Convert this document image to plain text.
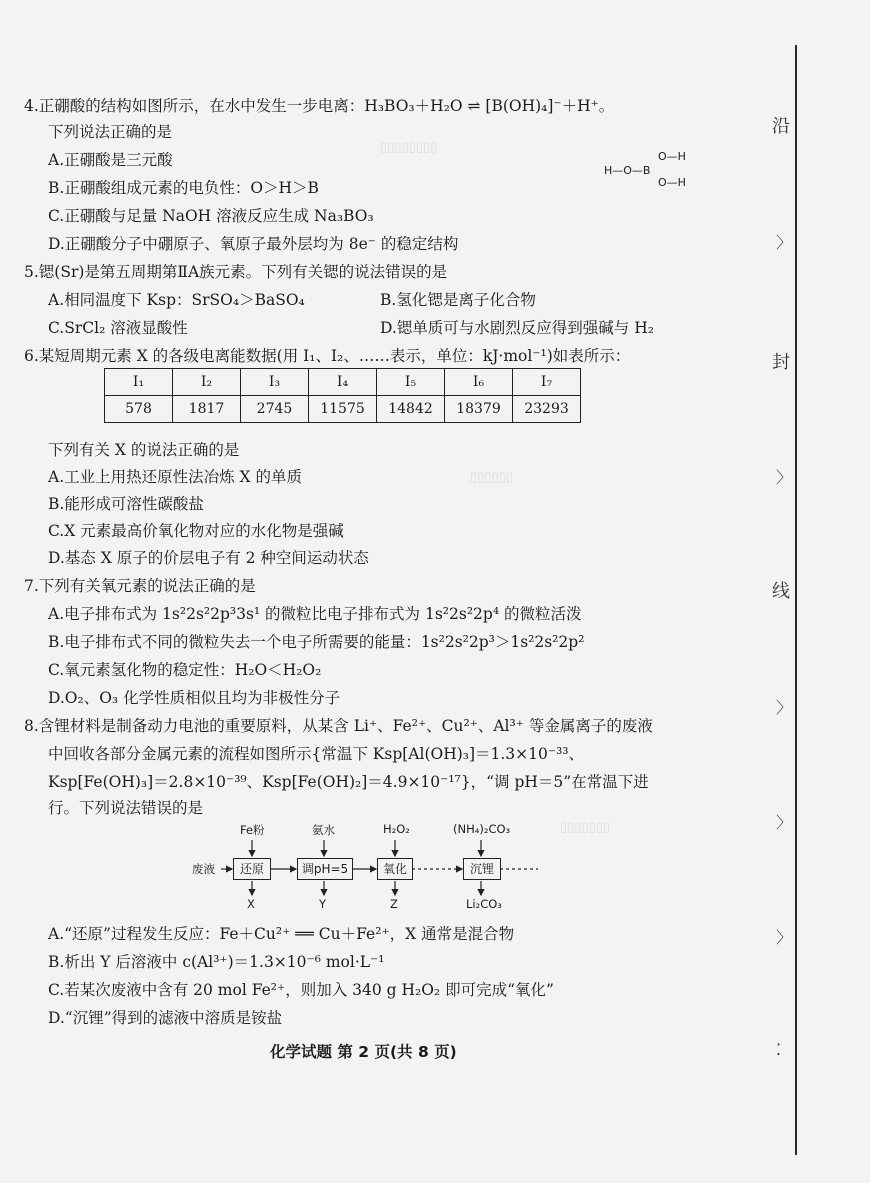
▯▯▯▯▯▯▯▯
▯▯▯▯▯▯
▯▯▯▯▯▯▯
4.正硼酸的结构如图所示，在水中发生一步电离：H₃BO₃＋H₂O ⇌ [B(OH)₄]⁻＋H⁺。
下列说法正确的是
A.正硼酸是三元酸
B.正硼酸组成元素的电负性：O＞H＞B
C.正硼酸与足量 NaOH 溶液反应生成 Na₃BO₃
D.正硼酸分子中硼原子、氧原子最外层均为 8e⁻ 的稳定结构
H—O—B
O—H
O—H
5.锶(Sr)是第五周期第ⅡA族元素。下列有关锶的说法错误的是
A.相同温度下 Ksp：SrSO₄＞BaSO₄	B.氢化锶是离子化合物
C.SrCl₂ 溶液显酸性	D.锶单质可与水剧烈反应得到强碱与 H₂
6.某短周期元素 X 的各级电离能数据(用 I₁、I₂、……表示，单位：kJ·mol⁻¹)如表所示：
I₁	I₂	I₃	I₄	I₅	I₆	I₇
578	1817	2745	11575	14842	18379	23293
下列有关 X 的说法正确的是
A.工业上用热还原性法冶炼 X 的单质
B.能形成可溶性碳酸盐
C.X 元素最高价氧化物对应的水化物是强碱
D.基态 X 原子的价层电子有 2 种空间运动状态
7.下列有关氧元素的说法正确的是
A.电子排布式为 1s²2s²2p³3s¹ 的微粒比电子排布式为 1s²2s²2p⁴ 的微粒活泼
B.电子排布式不同的微粒失去一个电子所需要的能量：1s²2s²2p³＞1s²2s²2p²
C.氧元素氢化物的稳定性：H₂O＜H₂O₂
D.O₂、O₃ 化学性质相似且均为非极性分子
8.含锂材料是制备动力电池的重要原料，从某含 Li⁺、Fe²⁺、Cu²⁺、Al³⁺ 等金属离子的废液
中回收各部分金属元素的流程如图所示{常温下 Ksp[Al(OH)₃]＝1.3×10⁻³³、
Ksp[Fe(OH)₃]＝2.8×10⁻³⁹、Ksp[Fe(OH)₂]＝4.9×10⁻¹⁷}，“调 pH＝5”在常温下进
行。下列说法错误的是
废液	还原	调pH=5	氧化	沉锂
Fe粉	氨水	H₂O₂	(NH₄)₂CO₃
X	Y	Z	Li₂CO₃
A.“还原”过程发生反应：Fe＋Cu²⁺ ══ Cu＋Fe²⁺，X 通常是混合物
B.析出 Y 后溶液中 c(Al³⁺)＝1.3×10⁻⁶ mol·L⁻¹
C.若某次废液中含有 20 mol Fe²⁺，则加入 340 g H₂O₂ 即可完成“氧化”
D.“沉锂”得到的滤液中溶质是铵盐
化学试题 第 2 页(共 8 页)
沿
〉
封
〉
线
〉
〉
〉
⁚
